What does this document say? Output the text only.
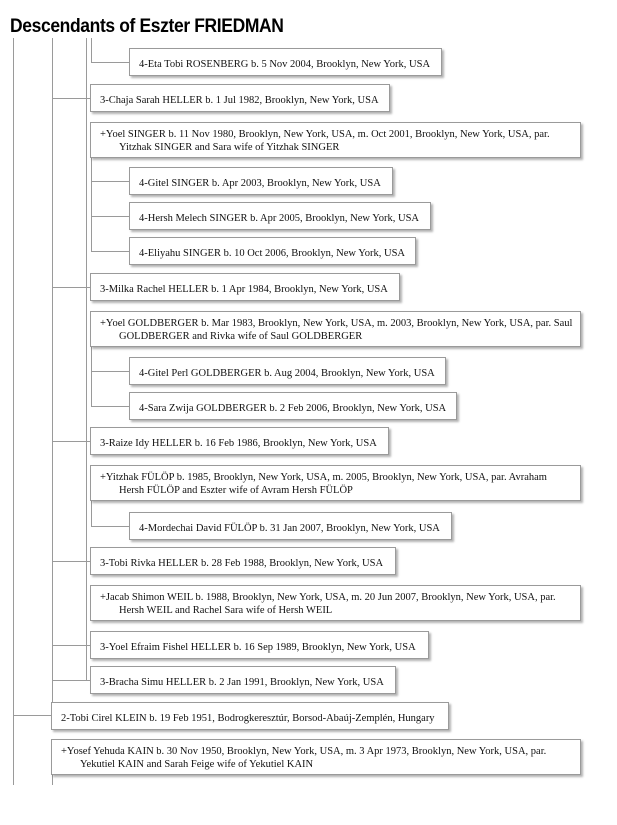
Descendants of Eszter FRIEDMAN
4-Eta Tobi ROSENBERG b. 5 Nov 2004, Brooklyn, New York, USA
3-Chaja Sarah HELLER b. 1 Jul 1982, Brooklyn, New York, USA
+Yoel SINGER b. 11 Nov 1980, Brooklyn, New York, USA, m. Oct 2001, Brooklyn, New York, USA, par.
Yitzhak SINGER and Sara wife of Yitzhak SINGER
4-Gitel SINGER b. Apr 2003, Brooklyn, New York, USA
4-Hersh Melech SINGER b. Apr 2005, Brooklyn, New York, USA
4-Eliyahu SINGER b. 10 Oct 2006, Brooklyn, New York, USA
3-Milka Rachel HELLER b. 1 Apr 1984, Brooklyn, New York, USA
+Yoel GOLDBERGER b. Mar 1983, Brooklyn, New York, USA, m. 2003, Brooklyn, New York, USA, par. Saul
GOLDBERGER and Rivka wife of Saul GOLDBERGER
4-Gitel Perl GOLDBERGER b. Aug 2004, Brooklyn, New York, USA
4-Sara Zwija GOLDBERGER b. 2 Feb 2006, Brooklyn, New York, USA
3-Raize Idy HELLER b. 16 Feb 1986, Brooklyn, New York, USA
+Yitzhak FÜLÖP b. 1985, Brooklyn, New York, USA, m. 2005, Brooklyn, New York, USA, par. Avraham
Hersh FÜLÖP and Eszter wife of Avram Hersh FÜLÖP
4-Mordechai David FÜLÖP b. 31 Jan 2007, Brooklyn, New York, USA
3-Tobi Rivka HELLER b. 28 Feb 1988, Brooklyn, New York, USA
+Jacab Shimon WEIL b. 1988, Brooklyn, New York, USA, m. 20 Jun 2007, Brooklyn, New York, USA, par.
Hersh WEIL and Rachel Sara wife of Hersh WEIL
3-Yoel Efraim Fishel HELLER b. 16 Sep 1989, Brooklyn, New York, USA
3-Bracha Simu HELLER b. 2 Jan 1991, Brooklyn, New York, USA
2-Tobi Cirel KLEIN b. 19 Feb 1951, Bodrogkeresztúr, Borsod-Abaúj-Zemplén, Hungary
+Yosef Yehuda KAIN b. 30 Nov 1950, Brooklyn, New York, USA, m. 3 Apr 1973, Brooklyn, New York, USA, par.
Yekutiel KAIN and Sarah Feige wife of Yekutiel KAIN
